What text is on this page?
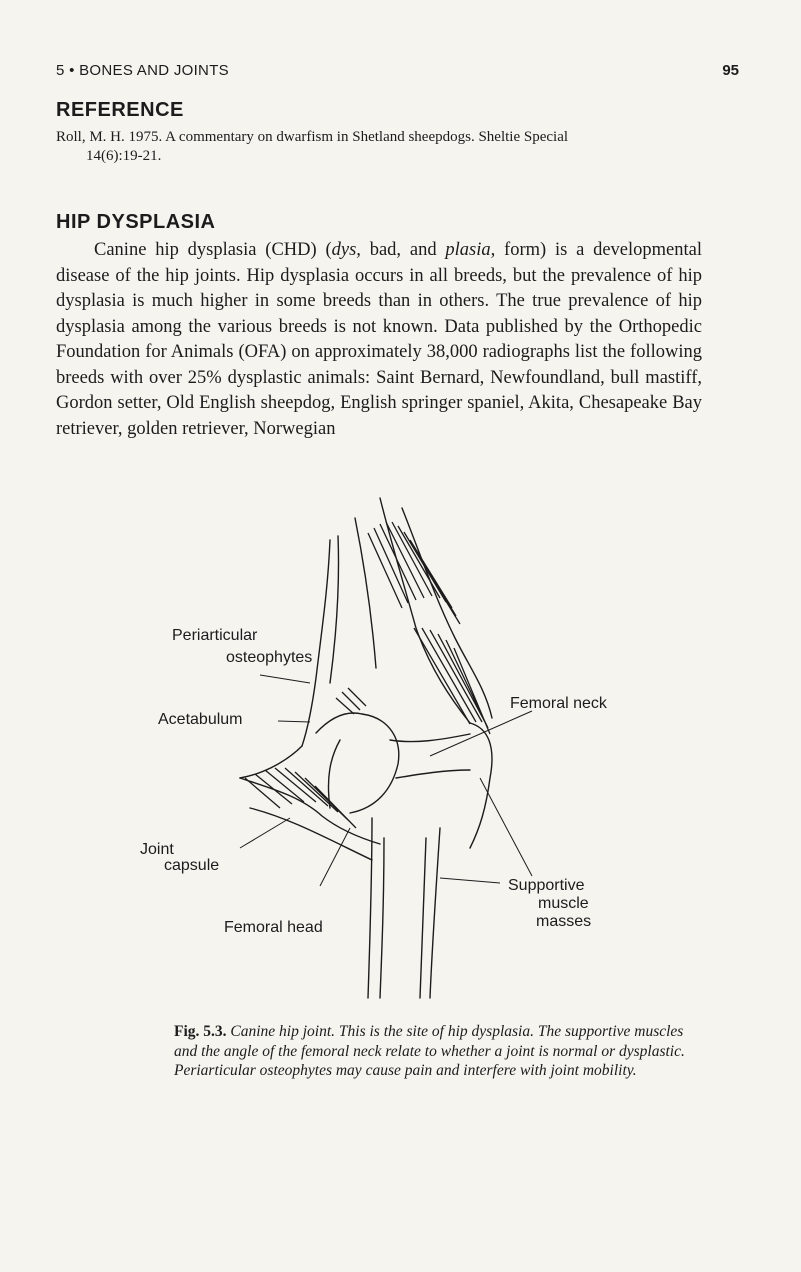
5 • BONES AND JOINTS	95
REFERENCE
Roll, M. H. 1975. A commentary on dwarfism in Shetland sheepdogs. Sheltie Special
14(6):19-21.
HIP DYSPLASIA

Canine hip dysplasia (CHD) (dys, bad, and plasia, form) is a developmental disease of the hip joints. Hip dysplasia occurs in all breeds, but the prevalence of hip dysplasia is much higher in some breeds than in others. The true prevalence of hip dysplasia among the various breeds is not known. Data published by the Orthopedic Foundation for Animals (OFA) on approximately 38,000 radiographs list the following breeds with over 25% dysplastic animals: Saint Bernard, Newfoundland, bull mastiff, Gordon setter, Old English sheepdog, English springer spaniel, Akita, Chesapeake Bay retriever, golden retriever, Norwegian

Periarticular
osteophytes
Acetabulum
Joint
capsule
Femoral head
Femoral neck
Supportive
muscle
masses
Fig. 5.3. Canine hip joint. This is the site of hip dysplasia. The supportive muscles and the angle of the femoral neck relate to whether a joint is normal or dysplastic. Periarticular osteophytes may cause pain and interfere with joint mobility.
